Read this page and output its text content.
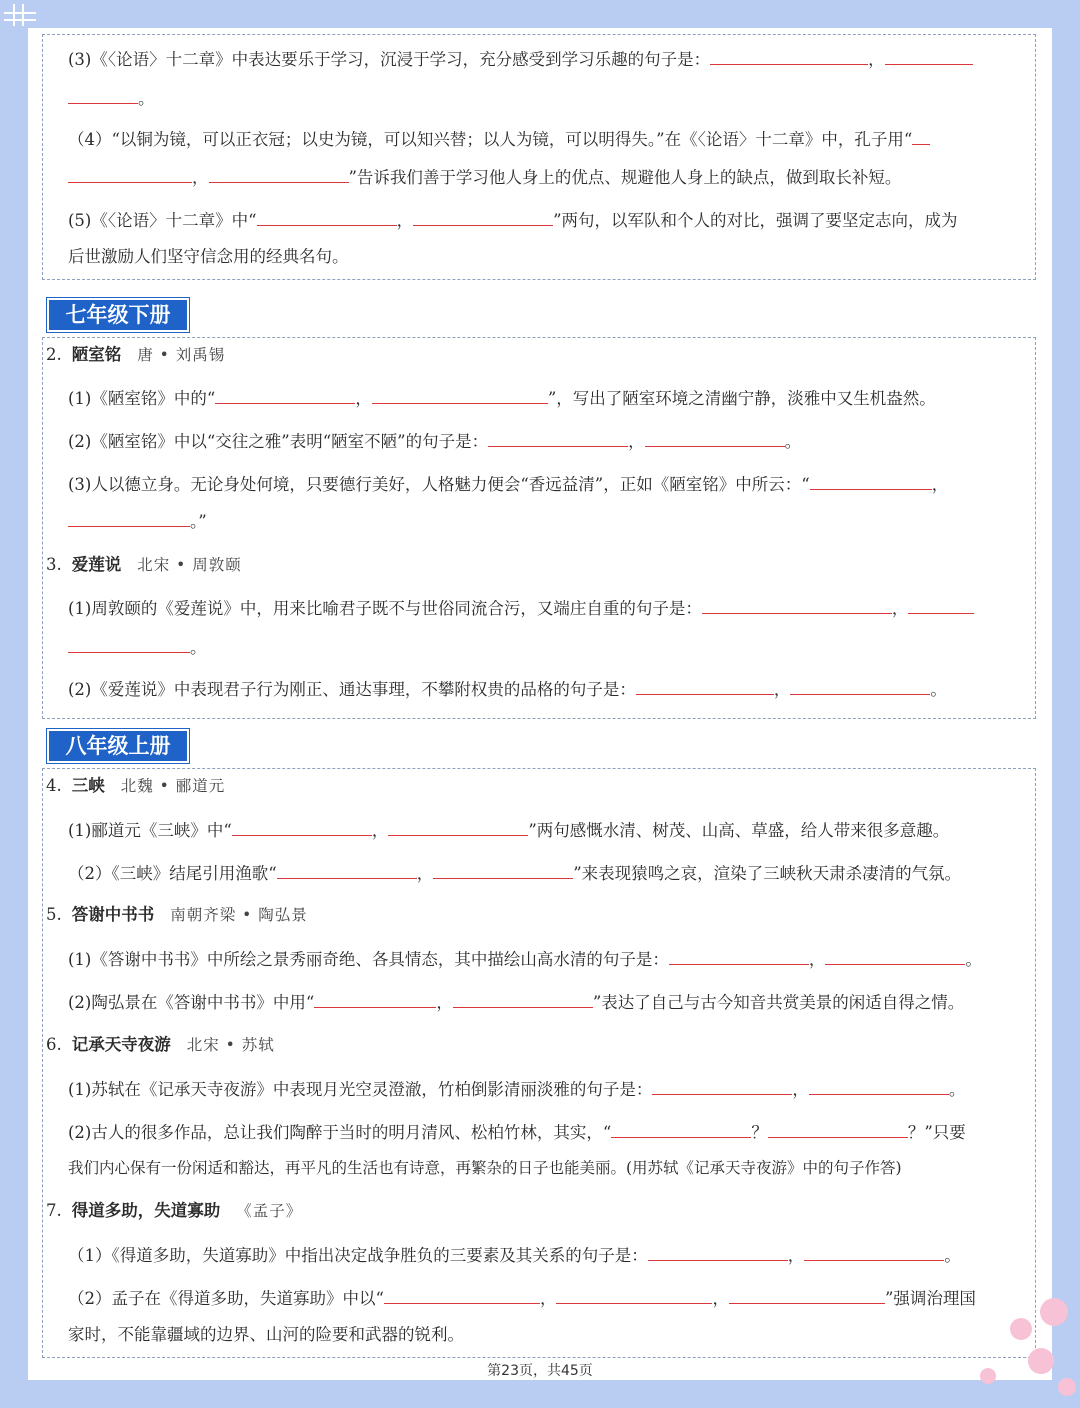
(3)《〈论语〉十二章》中表达要乐于学习，沉浸于学习，充分感受到学习乐趣的句子是：	，
。
（4）“以铜为镜，可以正衣冠；以史为镜，可以知兴替；以人为镜，可以明得失。”在《〈论语〉十二章》中，孔子用“
，	”告诉我们善于学习他人身上的优点、规避他人身上的缺点，做到取长补短。
(5)《〈论语〉十二章》中“	，	”两句，以军队和个人的对比，强调了要坚定志向，成为
后世激励人们坚守信念用的经典名句。
七年级下册
2. 陋室铭 唐 • 刘禹锡
(1)《陋室铭》中的“	，	”，写出了陋室环境之清幽宁静，淡雅中又生机盎然。
(2)《陋室铭》中以“交往之雅”表明“陋室不陋”的句子是：	，	。
(3)人以德立身。无论身处何境，只要德行美好，人格魅力便会“香远益清”，正如《陋室铭》中所云：“	，
。”
3. 爱莲说 北宋 • 周敦颐
(1)周敦颐的《爱莲说》中，用来比喻君子既不与世俗同流合污，又端庄自重的句子是：	，
。
(2)《爱莲说》中表现君子行为刚正、通达事理，不攀附权贵的品格的句子是：	，	。
八年级上册
4. 三峡 北魏 • 郦道元
(1)郦道元《三峡》中“	，	”两句感慨水清、树茂、山高、草盛，给人带来很多意趣。
（2）《三峡》结尾引用渔歌“	，	”来表现猿鸣之哀，渲染了三峡秋天肃杀凄清的气氛。
5. 答谢中书书 南朝齐梁 • 陶弘景
(1)《答谢中书书》中所绘之景秀丽奇绝、各具情态，其中描绘山高水清的句子是：	，	。
(2)陶弘景在《答谢中书书》中用“	，	”表达了自己与古今知音共赏美景的闲适自得之情。
6. 记承天寺夜游 北宋 • 苏轼
(1)苏轼在《记承天寺夜游》中表现月光空灵澄澈，竹柏倒影清丽淡雅的句子是：	，	。
(2)古人的很多作品，总让我们陶醉于当时的明月清风、松柏竹林，其实，“	？	？”只要
我们内心保有一份闲适和豁达，再平凡的生活也有诗意，再繁杂的日子也能美丽。(用苏轼《记承天寺夜游》中的句子作答)
7. 得道多助，失道寡助 《孟子》
（1）《得道多助，失道寡助》中指出决定战争胜负的三要素及其关系的句子是：	，	。
（2）孟子在《得道多助，失道寡助》中以“	，	，	”强调治理国
家时，不能靠疆域的边界、山河的险要和武器的锐利。
第23页，共45页
